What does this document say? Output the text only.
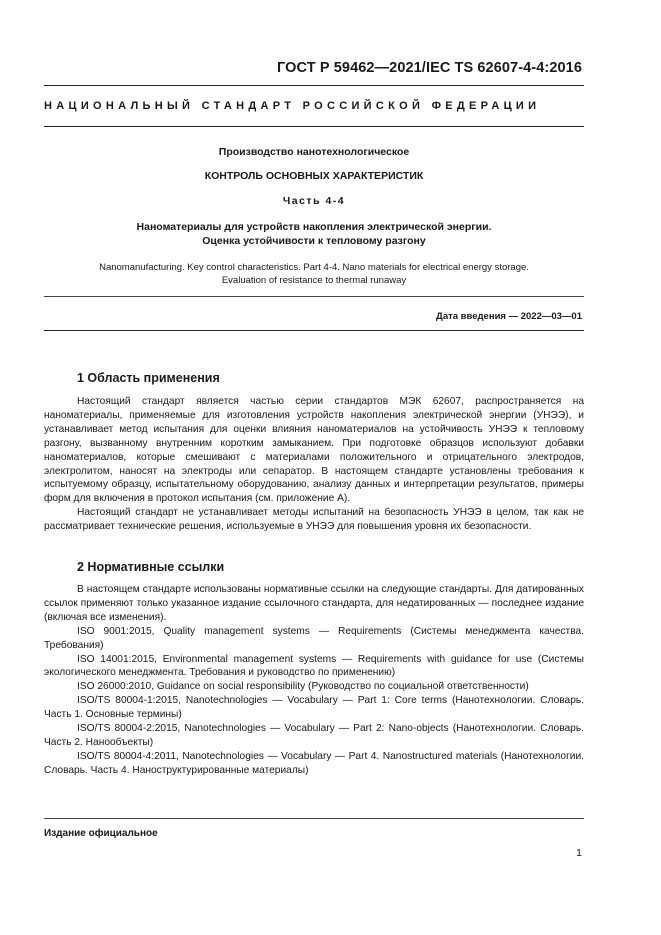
ГОСТ Р 59462—2021/IEC TS 62607-4-4:2016
НАЦИОНАЛЬНЫЙ СТАНДАРТ РОССИЙСКОЙ ФЕДЕРАЦИИ
Производство нанотехнологическое
КОНТРОЛЬ ОСНОВНЫХ ХАРАКТЕРИСТИК
Часть 4-4
Наноматериалы для устройств накопления электрической энергии.
Оценка устойчивости к тепловому разгону
Nanomanufacturing. Key control characteristics. Part 4-4. Nano materials for electrical energy storage.
Evaluation of resistance to thermal runaway
Дата введения — 2022—03—01
1 Область применения

Настоящий стандарт является частью серии стандартов МЭК 62607, распространяется на наноматериалы, применяемые для изготовления устройств накопления электрической энергии (УНЭЭ), и устанавливает метод испытания для оценки влияния наноматериалов на устойчивость УНЭЭ к тепловому разгону, вызванному внутренним коротким замыканием. При подготовке образцов используют добавки наноматериалов, которые смешивают с материалами положительного и отрицательного электродов, электролитом, наносят на электроды или сепаратор. В настоящем стандарте установлены требования к испытуемому образцу, испытательному оборудованию, анализу данных и интерпретации результатов, примеры форм для включения в протокол испытания (см. приложение А).

Настоящий стандарт не устанавливает методы испытаний на безопасность УНЭЭ в целом, так как не рассматривает технические решения, используемые в УНЭЭ для повышения уровня их безопасности.

2 Нормативные ссылки

В настоящем стандарте использованы нормативные ссылки на следующие стандарты. Для датированных ссылок применяют только указанное издание ссылочного стандарта, для недатированных — последнее издание (включая все изменения).

ISO 9001:2015, Quality management systems — Requirements (Системы менеджмента качества. Требования)

ISO 14001:2015, Environmental management systems — Requirements with guidance for use (Системы экологического менеджмента. Требования и руководство по применению)

ISO 26000:2010, Guidance on social responsibility (Руководство по социальной ответственности)

ISO/TS 80004-1:2015, Nanotechnologies — Vocabulary — Part 1: Core terms (Нанотехнологии. Словарь. Часть 1. Основные термины)

ISO/TS 80004-2:2015, Nanotechnologies — Vocabulary — Part 2: Nano-objects (Нанотехнологии. Словарь. Часть 2. Нанообъекты)

ISO/TS 80004-4:2011, Nanotechnologies — Vocabulary — Part 4. Nanostructured materials (Нанотехнологии. Словарь. Часть 4. Наноструктурированные материалы)

Издание официальное
1
